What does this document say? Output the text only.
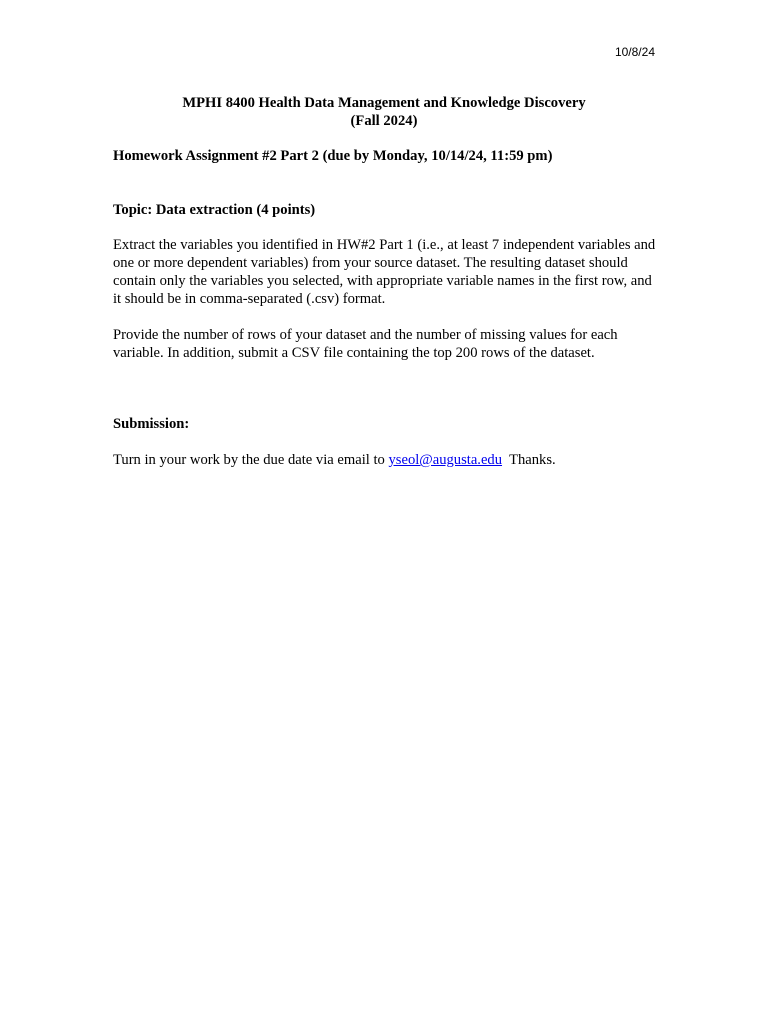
10/8/24
MPHI 8400 Health Data Management and Knowledge Discovery
(Fall 2024)
Homework Assignment #2 Part 2 (due by Monday, 10/14/24, 11:59 pm)
Topic: Data extraction (4 points)

Extract the variables you identified in HW#2 Part 1 (i.e., at least 7 independent variables and one or more dependent variables) from your source dataset. The resulting dataset should contain only the variables you selected, with appropriate variable names in the first row, and it should be in comma-separated (.csv) format.

Provide the number of rows of your dataset and the number of missing values for each variable. In addition, submit a CSV file containing the top 200 rows of the dataset.

Submission:
Turn in your work by the due date via email to yseol@augusta.edu  Thanks.
